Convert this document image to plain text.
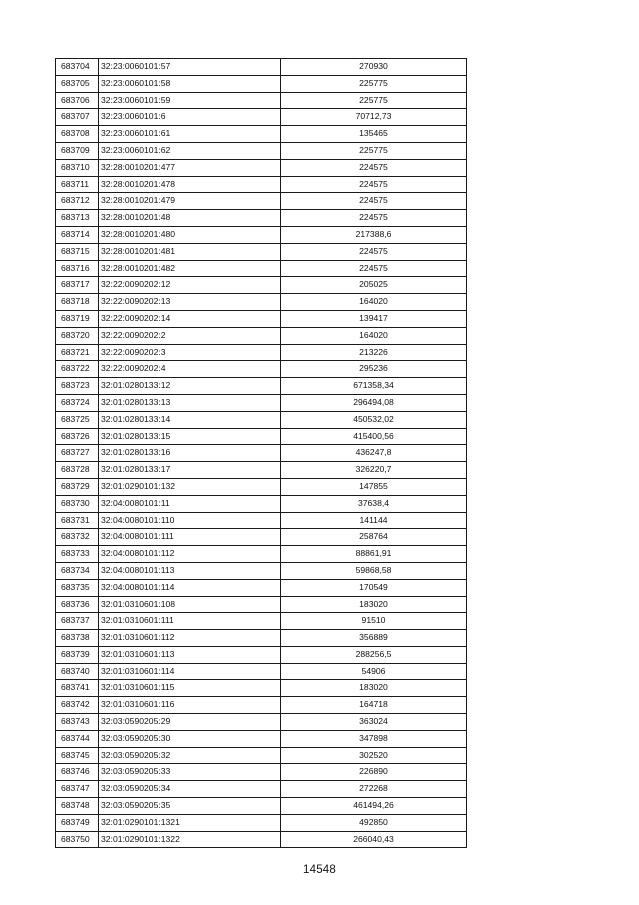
683704	32:23:0060101:57	270930
683705	32:23:0060101:58	225775
683706	32:23:0060101:59	225775
683707	32:23:0060101:6	70712,73
683708	32:23:0060101:61	135465
683709	32:23:0060101:62	225775
683710	32:28:0010201:477	224575
683711	32:28:0010201:478	224575
683712	32:28:0010201:479	224575
683713	32:28:0010201:48	224575
683714	32:28:0010201:480	217388,6
683715	32:28:0010201:481	224575
683716	32:28:0010201:482	224575
683717	32:22:0090202:12	205025
683718	32:22:0090202:13	164020
683719	32:22:0090202:14	139417
683720	32:22:0090202:2	164020
683721	32:22:0090202:3	213226
683722	32:22:0090202:4	295236
683723	32:01:0280133:12	671358,34
683724	32:01:0280133:13	296494,08
683725	32:01:0280133:14	450532,02
683726	32:01:0280133:15	415400,56
683727	32:01:0280133:16	436247,8
683728	32:01:0280133:17	326220,7
683729	32:01:0290101:132	147855
683730	32:04:0080101:11	37638,4
683731	32:04:0080101:110	141144
683732	32:04:0080101:111	258764
683733	32:04:0080101:112	88861,91
683734	32:04:0080101:113	59868,58
683735	32:04:0080101:114	170549
683736	32:01:0310601:108	183020
683737	32:01:0310601:111	91510
683738	32:01:0310601:112	356889
683739	32:01:0310601:113	288256,5
683740	32:01:0310601:114	54906
683741	32:01:0310601:115	183020
683742	32:01:0310601:116	164718
683743	32:03:0590205:29	363024
683744	32:03:0590205:30	347898
683745	32:03:0590205:32	302520
683746	32:03:0590205:33	226890
683747	32:03:0590205:34	272268
683748	32:03:0590205:35	461494,26
683749	32:01:0290101:1321	492850
683750	32:01:0290101:1322	266040,43
14548
